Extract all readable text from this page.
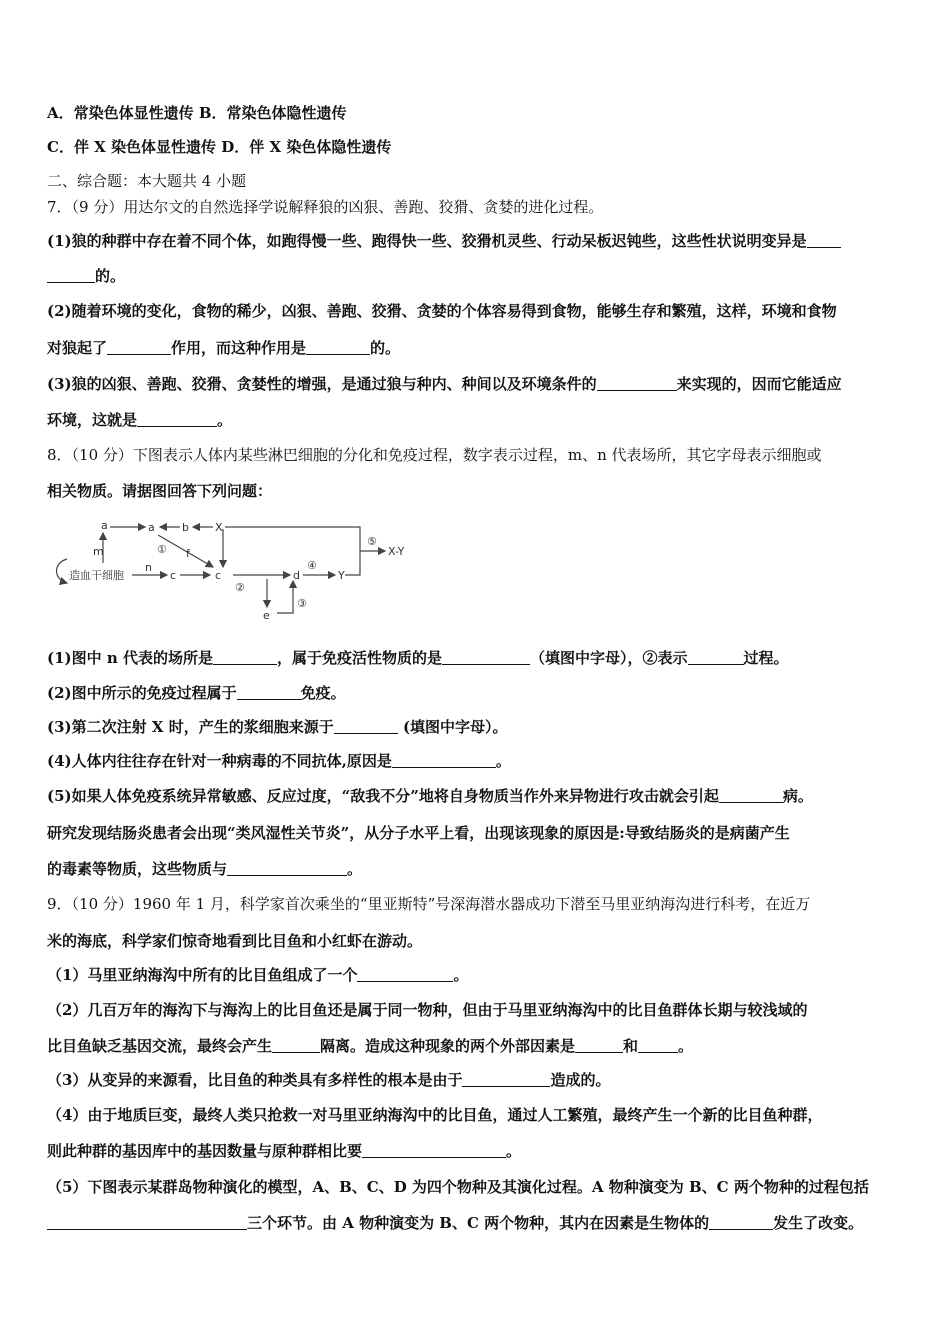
A．常染色体显性遗传 B．常染色体隐性遗传
C．伴 X 染色体显性遗传 D．伴 X 染色体隐性遗传
二、综合题：本大题共 4 小题
7．（9 分）用达尔文的自然选择学说解释狼的凶狠、善跑、狡猾、贪婪的进化过程。
(1)狼的种群中存在着不同个体，如跑得慢一些、跑得快一些、狡猾机灵些、行动呆板迟钝些，这些性状说明变异是
的。
(2)随着环境的变化，食物的稀少，凶狠、善跑、狡猾、贪婪的个体容易得到食物，能够生存和繁殖，这样，环境和食物
对狼起了	作用，而这种作用是	的。
(3)狼的凶狠、善跑、狡猾、贪婪性的增强，是通过狼与种内、种间以及环境条件的	来实现的，因而它能适应
环境，这就是	。
8．（10 分）下图表示人体内某些淋巴细胞的分化和免疫过程，数字表示过程，m、n 代表场所，其它字母表示细胞或
相关物质。请据图回答下列问题：
a	a b X
m	① f
⑤
X-Y
造血干细胞
n
c	c	d
④
Y
②
e
③
(1)图中 n 代表的场所是	，属于免疫活性物质的是	（填图中字母），②表示	过程。
(2)图中所示的免疫过程属于	免疫。
(3)第二次注射 X 时，产生的浆细胞来源于	(填图中字母）。
(4)人体内往往存在针对一种病毒的不同抗体,原因是	。
(5)如果人体免疫系统异常敏感、反应过度，“敌我不分”地将自身物质当作外来异物进行攻击就会引起	病。
研究发现结肠炎患者会出现“类风湿性关节炎”，从分子水平上看，出现该现象的原因是:导致结肠炎的是病菌产生
的毒素等物质，这些物质与	。
9．（10 分）1960 年 1 月，科学家首次乘坐的“里亚斯特”号深海潜水器成功下潜至马里亚纳海沟进行科考，在近万
米的海底，科学家们惊奇地看到比目鱼和小红虾在游动。
（1）马里亚纳海沟中所有的比目鱼组成了一个	。
（2）几百万年的海沟下与海沟上的比目鱼还是属于同一物种，但由于马里亚纳海沟中的比目鱼群体长期与较浅域的
比目鱼缺乏基因交流，最终会产生	隔离。造成这种现象的两个外部因素是	和	。
（3）从变异的来源看，比目鱼的种类具有多样性的根本是由于	造成的。
（4）由于地质巨变，最终人类只抢救一对马里亚纳海沟中的比目鱼，通过人工繁殖，最终产生一个新的比目鱼种群，
则此种群的基因库中的基因数量与原种群相比要	。
（5）下图表示某群岛物种演化的模型，A、B、C、D 为四个物种及其演化过程。A 物种演变为 B、C 两个物种的过程包括
三个环节。由 A 物种演变为 B、C 两个物种，其内在因素是生物体的	发生了改变。
